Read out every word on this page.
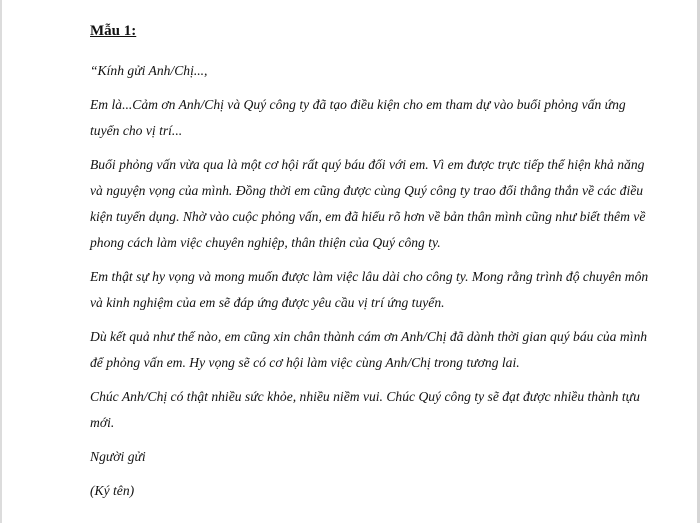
Mẫu 1:

“Kính gửi Anh/Chị...,

Em là...Cảm ơn Anh/Chị và Quý công ty đã tạo điều kiện cho em tham dự vào buổi phỏng vấn ứng tuyển cho vị trí...

Buổi phỏng vấn vừa qua là một cơ hội rất quý báu đối với em. Vì em được trực tiếp thể hiện khả năng và nguyện vọng của mình. Đồng thời em cũng được cùng Quý công ty trao đổi thẳng thắn về các điều kiện tuyển dụng. Nhờ vào cuộc phỏng vấn, em đã hiểu rõ hơn về bản thân mình cũng như biết thêm về phong cách làm việc chuyên nghiệp, thân thiện của Quý công ty.

Em thật sự hy vọng và mong muốn được làm việc lâu dài cho công ty. Mong rằng trình độ chuyên môn và kinh nghiệm của em sẽ đáp ứng được yêu cầu vị trí ứng tuyển.

Dù kết quả như thế nào, em cũng xin chân thành cám ơn Anh/Chị đã dành thời gian quý báu của mình để phỏng vấn em. Hy vọng sẽ có cơ hội làm việc cùng Anh/Chị trong tương lai.

Chúc Anh/Chị có thật nhiều sức khỏe, nhiều niềm vui. Chúc Quý công ty sẽ đạt được nhiều thành tựu mới.

Người gửi

(Ký tên)
